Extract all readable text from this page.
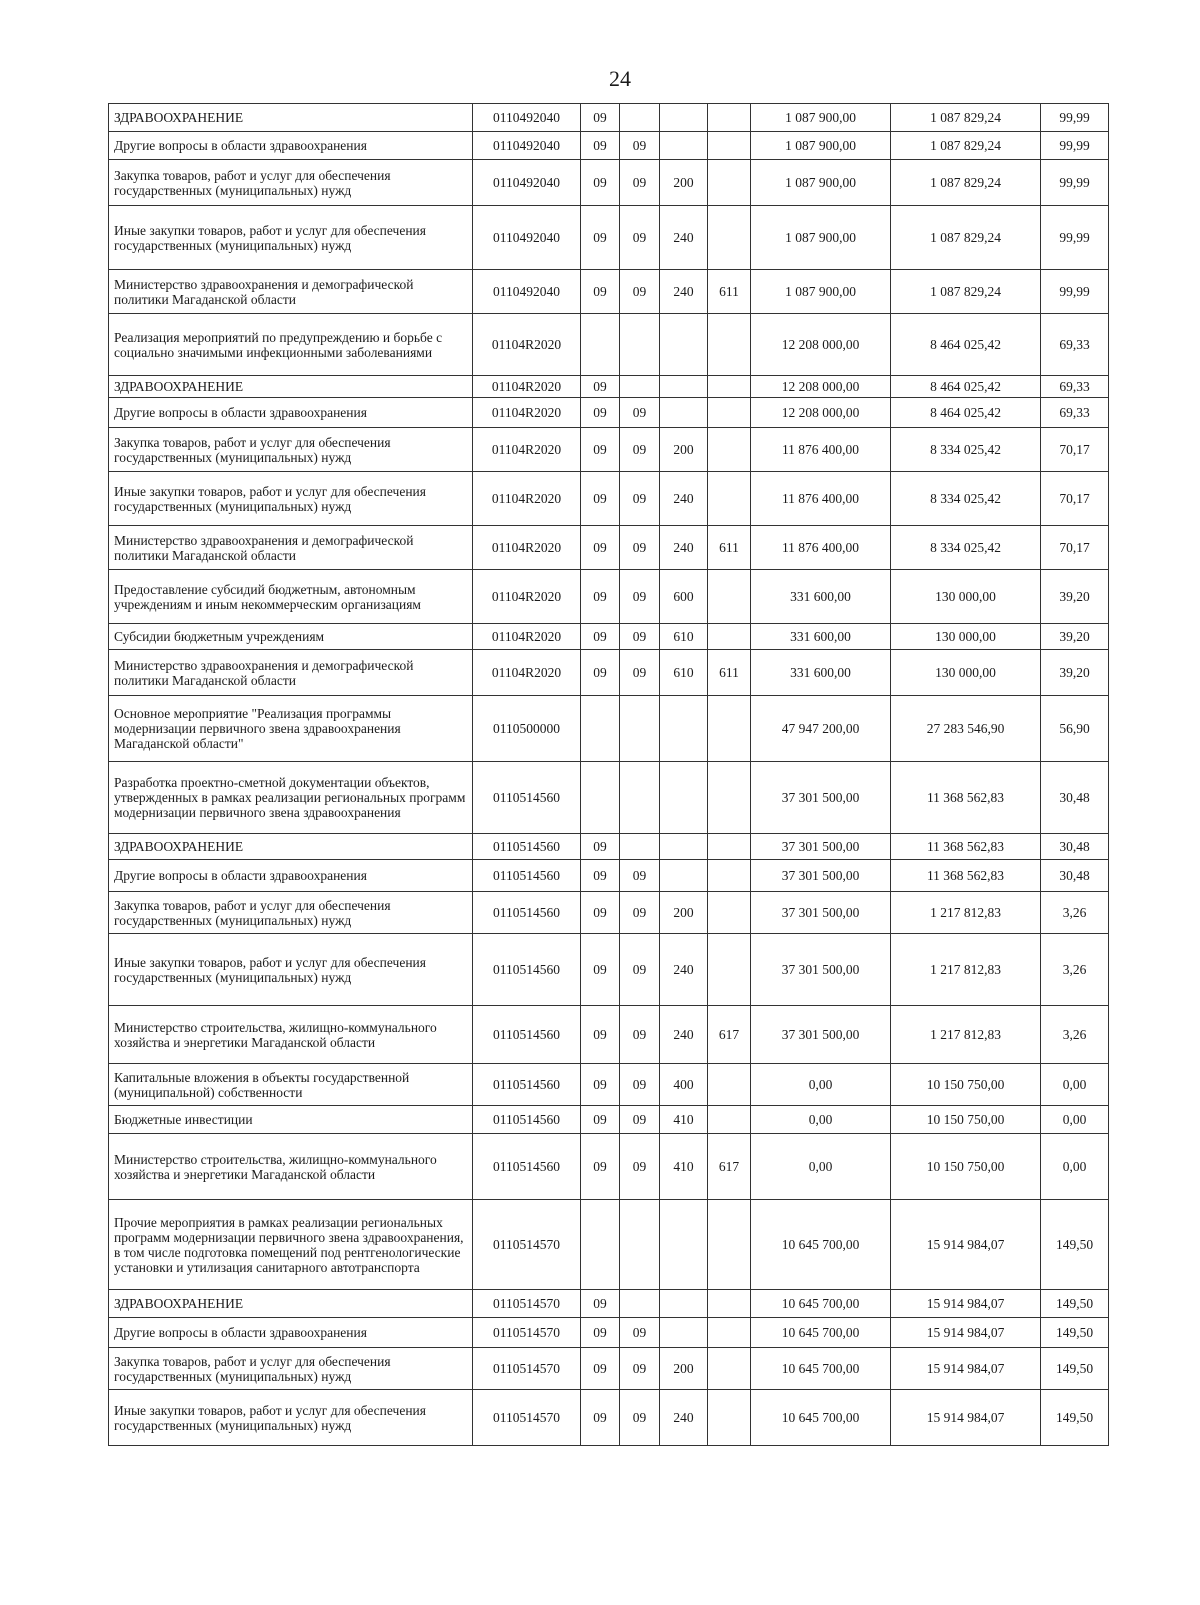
24
ЗДРАВООХРАНЕНИЕ	0110492040	09				1 087 900,00	1 087 829,24	99,99
Другие вопросы в области здравоохранения	0110492040	09	09			1 087 900,00	1 087 829,24	99,99
Закупка товаров, работ и услуг для обеспечения государственных (муниципальных) нужд	0110492040	09	09	200		1 087 900,00	1 087 829,24	99,99
Иные закупки товаров, работ и услуг для обеспечения государственных (муниципальных) нужд	0110492040	09	09	240		1 087 900,00	1 087 829,24	99,99
Министерство здравоохранения и демографической политики Магаданской области	0110492040	09	09	240	611	1 087 900,00	1 087 829,24	99,99
Реализация мероприятий по предупреждению и борьбе с социально значимыми инфекционными заболеваниями	01104R2020					12 208 000,00	8 464 025,42	69,33
ЗДРАВООХРАНЕНИЕ	01104R2020	09				12 208 000,00	8 464 025,42	69,33
Другие вопросы в области здравоохранения	01104R2020	09	09			12 208 000,00	8 464 025,42	69,33
Закупка товаров, работ и услуг для обеспечения государственных (муниципальных) нужд	01104R2020	09	09	200		11 876 400,00	8 334 025,42	70,17
Иные закупки товаров, работ и услуг для обеспечения государственных (муниципальных) нужд	01104R2020	09	09	240		11 876 400,00	8 334 025,42	70,17
Министерство здравоохранения и демографической политики Магаданской области	01104R2020	09	09	240	611	11 876 400,00	8 334 025,42	70,17
Предоставление субсидий бюджетным, автономным учреждениям и иным некоммерческим организациям	01104R2020	09	09	600		331 600,00	130 000,00	39,20
Субсидии бюджетным учреждениям	01104R2020	09	09	610		331 600,00	130 000,00	39,20
Министерство здравоохранения и демографической политики Магаданской области	01104R2020	09	09	610	611	331 600,00	130 000,00	39,20
Основное мероприятие "Реализация программы модернизации первичного звена здравоохранения Магаданской области"	0110500000					47 947 200,00	27 283 546,90	56,90
Разработка проектно-сметной документации объектов, утвержденных в рамках реализации региональных программ модернизации первичного звена здравоохранения	0110514560					37 301 500,00	11 368 562,83	30,48
ЗДРАВООХРАНЕНИЕ	0110514560	09				37 301 500,00	11 368 562,83	30,48
Другие вопросы в области здравоохранения	0110514560	09	09			37 301 500,00	11 368 562,83	30,48
Закупка товаров, работ и услуг для обеспечения государственных (муниципальных) нужд	0110514560	09	09	200		37 301 500,00	1 217 812,83	3,26
Иные закупки товаров, работ и услуг для обеспечения государственных (муниципальных) нужд	0110514560	09	09	240		37 301 500,00	1 217 812,83	3,26
Министерство строительства, жилищно-коммунального хозяйства и энергетики Магаданской области	0110514560	09	09	240	617	37 301 500,00	1 217 812,83	3,26
Капитальные вложения в объекты государственной (муниципальной) собственности	0110514560	09	09	400		0,00	10 150 750,00	0,00
Бюджетные инвестиции	0110514560	09	09	410		0,00	10 150 750,00	0,00
Министерство строительства, жилищно-коммунального хозяйства и энергетики Магаданской области	0110514560	09	09	410	617	0,00	10 150 750,00	0,00
Прочие мероприятия в рамках реализации региональных программ модернизации первичного звена здравоохранения, в том числе подготовка помещений под рентгенологические установки и утилизация санитарного автотранспорта	0110514570					10 645 700,00	15 914 984,07	149,50
ЗДРАВООХРАНЕНИЕ	0110514570	09				10 645 700,00	15 914 984,07	149,50
Другие вопросы в области здравоохранения	0110514570	09	09			10 645 700,00	15 914 984,07	149,50
Закупка товаров, работ и услуг для обеспечения государственных (муниципальных) нужд	0110514570	09	09	200		10 645 700,00	15 914 984,07	149,50
Иные закупки товаров, работ и услуг для обеспечения государственных (муниципальных) нужд	0110514570	09	09	240		10 645 700,00	15 914 984,07	149,50
